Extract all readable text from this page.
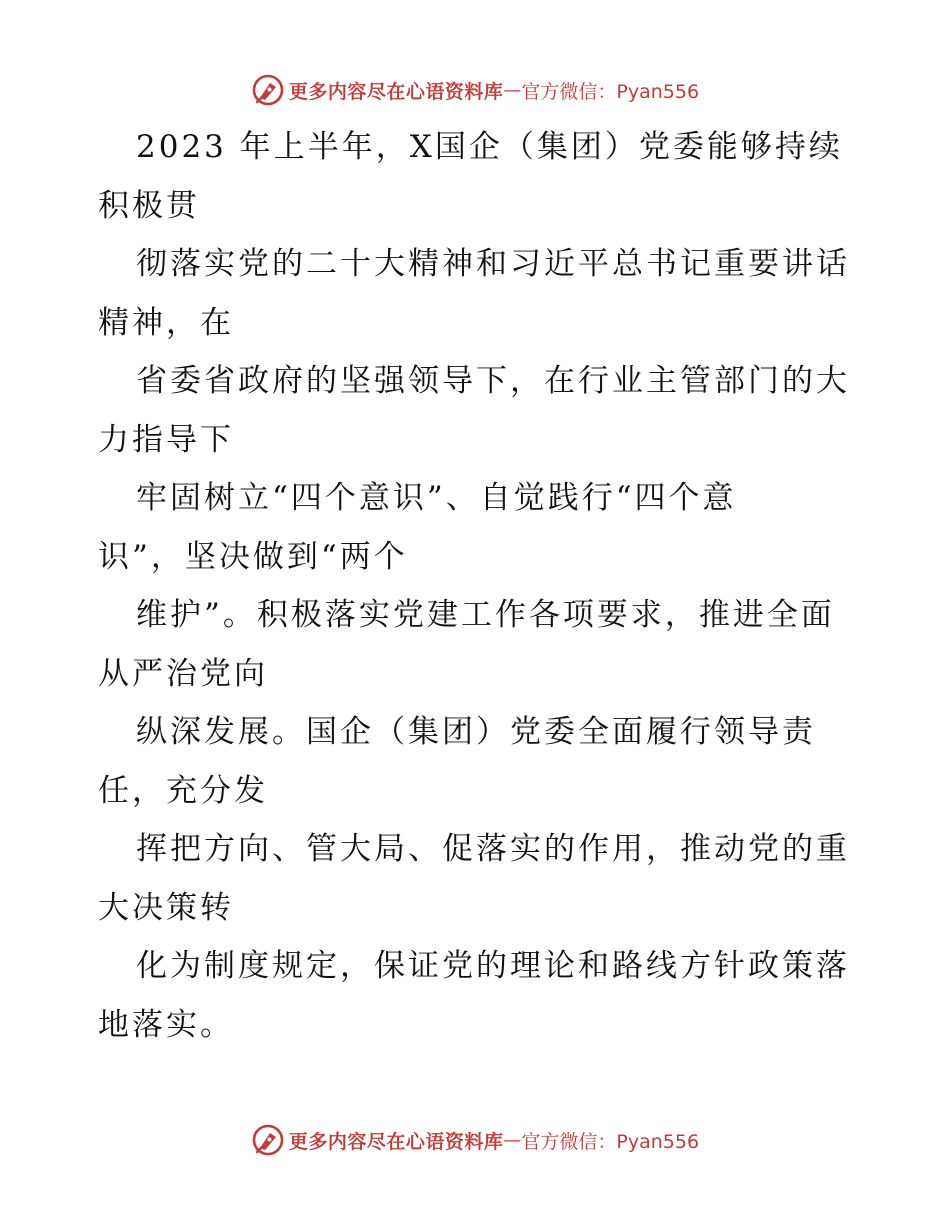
更多内容尽在心语资料库 — 官方微信：Pyan556
2023 年上半年，X国企（集团）党委能够持续
积极贯
彻落实党的二十大精神和习近平总书记重要讲话
精神，在
省委省政府的坚强领导下，在行业主管部门的大
力指导下
牢固树立“四个意识”、自觉践行“四个意
识”，坚决做到“两个
维护”。积极落实党建工作各项要求，推进全面
从严治党向
纵深发展。国企（集团）党委全面履行领导责
任，充分发
挥把方向、管大局、促落实的作用，推动党的重
大决策转
化为制度规定，保证党的理论和路线方针政策落
地落实。
更多内容尽在心语资料库 — 官方微信：Pyan556
